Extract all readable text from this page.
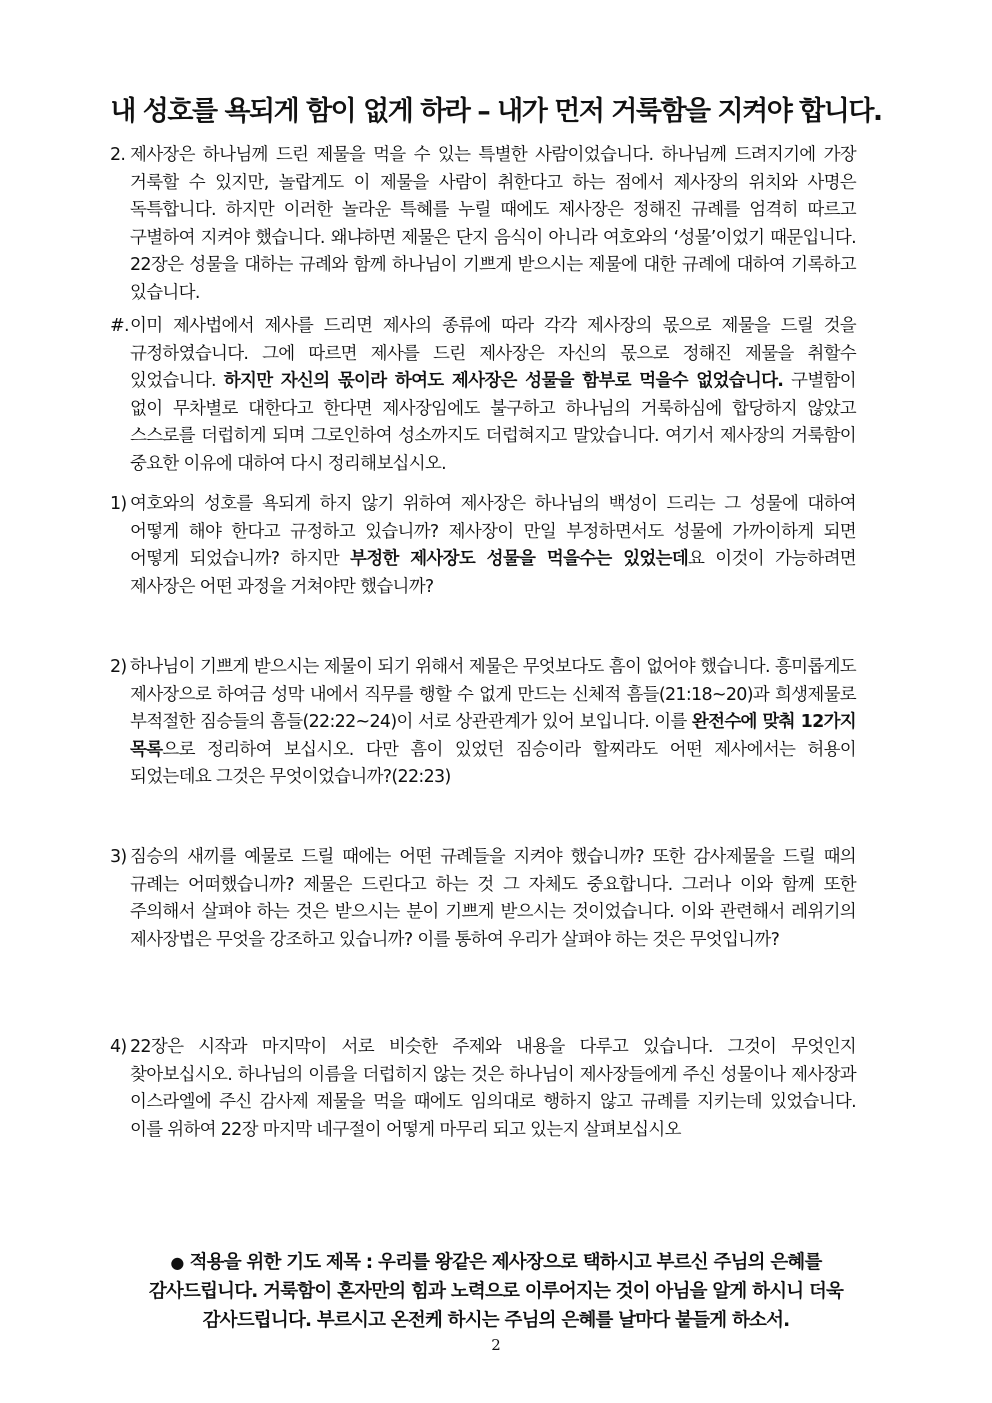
내 성호를 욕되게 함이 없게 하라 – 내가 먼저 거룩함을 지켜야 합니다.
2. 제사장은 하나님께 드린 제물을 먹을 수 있는 특별한 사람이었습니다. 하나님께 드려지기에 가장 거룩할 수 있지만, 놀랍게도 이 제물을 사람이 취한다고 하는 점에서 제사장의 위치와 사명은 독특합니다. 하지만 이러한 놀라운 특혜를 누릴 때에도 제사장은 정해진 규례를 엄격히 따르고 구별하여 지켜야 했습니다. 왜냐하면 제물은 단지 음식이 아니라 여호와의 ‘성물’이었기 때문입니다. 22장은 성물을 대하는 규례와 함께 하나님이 기쁘게 받으시는 제물에 대한 규례에 대하여 기록하고 있습니다.
#.이미 제사법에서 제사를 드리면 제사의 종류에 따라 각각 제사장의 몫으로 제물을 드릴 것을 규정하였습니다. 그에 따르면 제사를 드린 제사장은 자신의 몫으로 정해진 제물을 취할수 있었습니다. 하지만 자신의 몫이라 하여도 제사장은 성물을 함부로 먹을수 없었습니다. 구별함이 없이 무차별로 대한다고 한다면 제사장임에도 불구하고 하나님의 거룩하심에 합당하지 않았고 스스로를 더럽히게 되며 그로인하여 성소까지도 더럽혀지고 말았습니다. 여기서 제사장의 거룩함이 중요한 이유에 대하여 다시 정리해보십시오.
1) 여호와의 성호를 욕되게 하지 않기 위하여 제사장은 하나님의 백성이 드리는 그 성물에 대하여 어떻게 해야 한다고 규정하고 있습니까? 제사장이 만일 부정하면서도 성물에 가까이하게 되면 어떻게 되었습니까? 하지만 부정한 제사장도 성물을 먹을수는 있었는데요 이것이 가능하려면 제사장은 어떤 과정을 거쳐야만 했습니까?
2) 하나님이 기쁘게 받으시는 제물이 되기 위해서 제물은 무엇보다도 흠이 없어야 했습니다. 흥미롭게도 제사장으로 하여금 성막 내에서 직무를 행할 수 없게 만드는 신체적 흠들(21:18~20)과 희생제물로 부적절한 짐승들의 흠들(22:22~24)이 서로 상관관계가 있어 보입니다. 이를 완전수에 맞춰 12가지 목록으로 정리하여 보십시오. 다만 흠이 있었던 짐승이라 할찌라도 어떤 제사에서는 허용이 되었는데요 그것은 무엇이었습니까?(22:23)
3) 짐승의 새끼를 예물로 드릴 때에는 어떤 규례들을 지켜야 했습니까? 또한 감사제물을 드릴 때의 규례는 어떠했습니까? 제물은 드린다고 하는 것 그 자체도 중요합니다. 그러나 이와 함께 또한 주의해서 살펴야 하는 것은 받으시는 분이 기쁘게 받으시는 것이었습니다. 이와 관련해서 레위기의 제사장법은 무엇을 강조하고 있습니까? 이를 통하여 우리가 살펴야 하는 것은 무엇입니까?
4) 22장은 시작과 마지막이 서로 비슷한 주제와 내용을 다루고 있습니다. 그것이 무엇인지 찾아보십시오. 하나님의 이름을 더럽히지 않는 것은 하나님이 제사장들에게 주신 성물이나 제사장과 이스라엘에 주신 감사제 제물을 먹을 때에도 임의대로 행하지 않고 규례를 지키는데 있었습니다. 이를 위하여 22장 마지막 네구절이 어떻게 마무리 되고 있는지 살펴보십시오
● 적용을 위한 기도 제목 : 우리를 왕같은 제사장으로 택하시고 부르신 주님의 은혜를 감사드립니다. 거룩함이 혼자만의 힘과 노력으로 이루어지는 것이 아님을 알게 하시니 더욱 감사드립니다. 부르시고 온전케 하시는 주님의 은혜를 날마다 붙들게 하소서.
2
